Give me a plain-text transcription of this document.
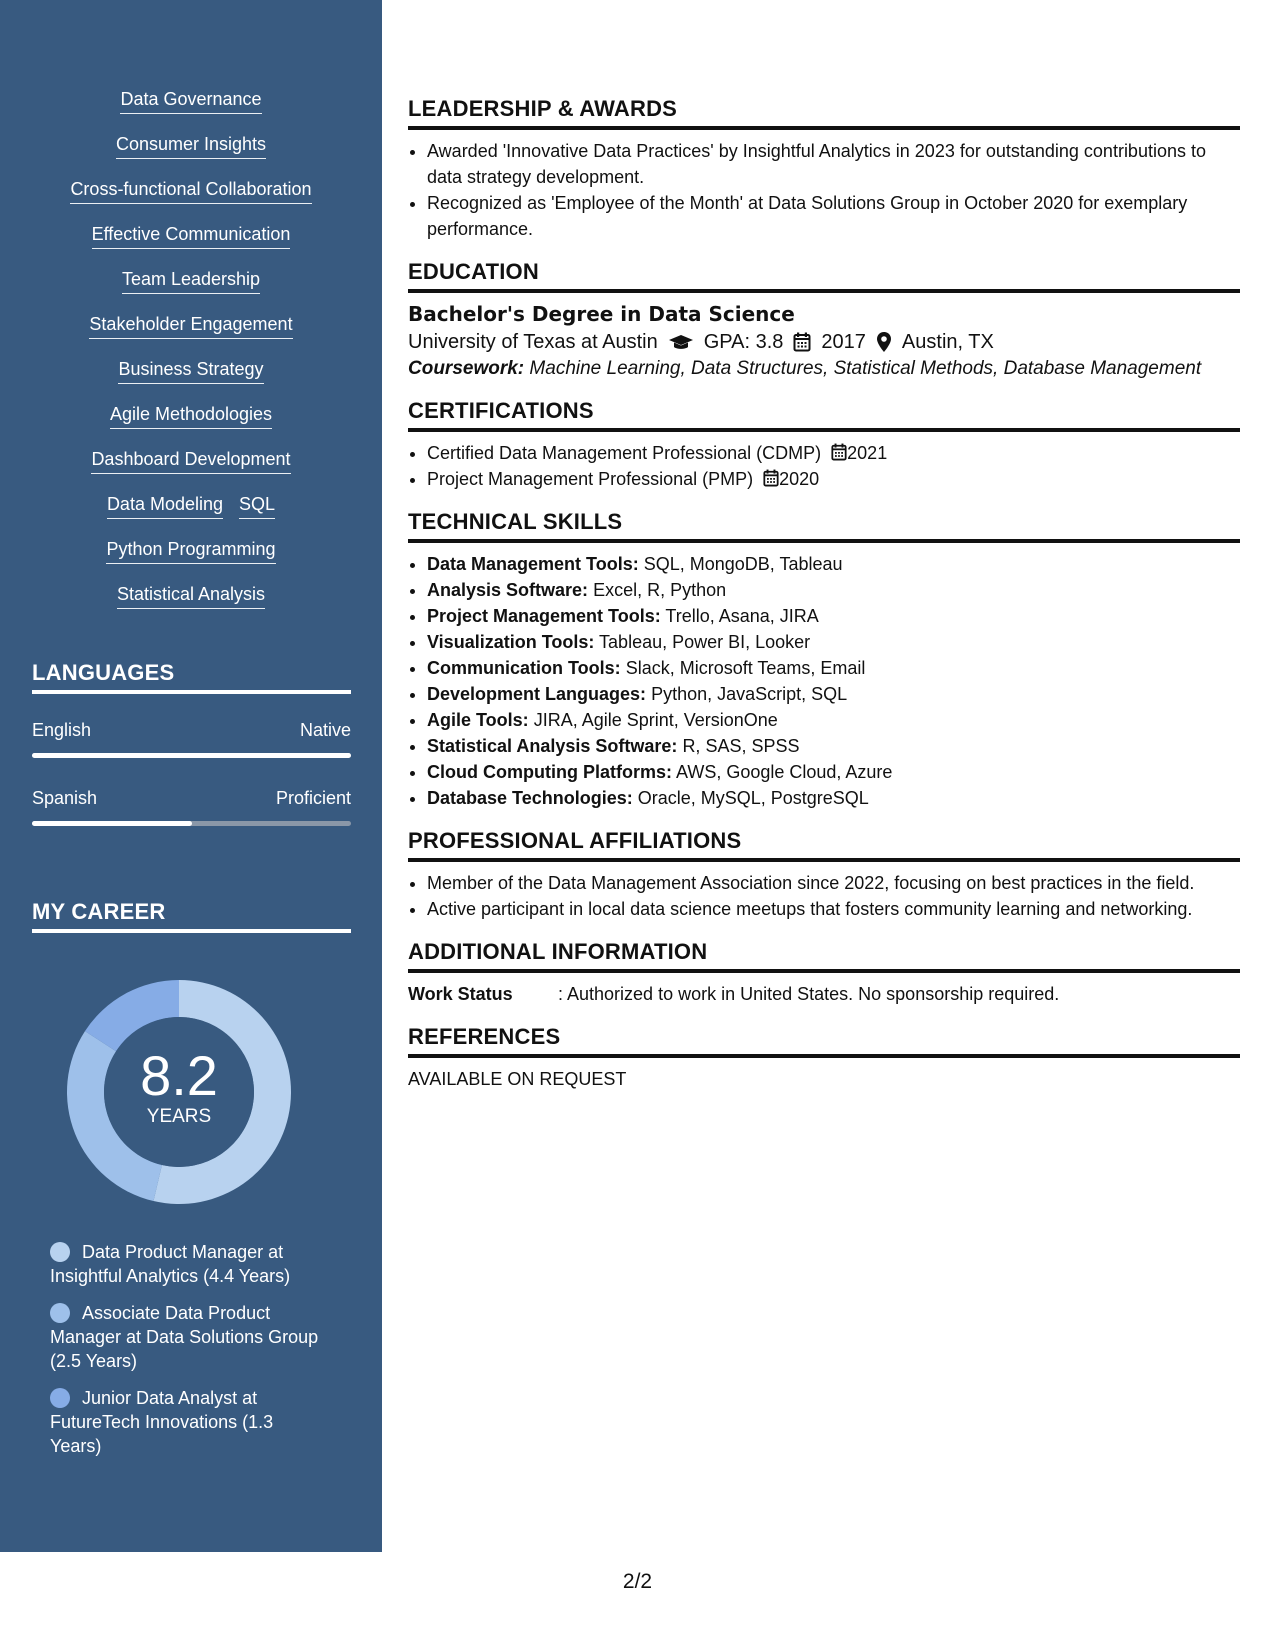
Data Governance
Consumer Insights
Cross-functional Collaboration
Effective Communication
Team Leadership
Stakeholder Engagement
Business Strategy
Agile Methodologies
Dashboard Development
Data Modeling SQL
Python Programming
Statistical Analysis
LANGUAGES
English	Native
Spanish	Proficient
MY CAREER
8.2
YEARS
Data Product Manager at Insightful Analytics (4.4 Years)
Associate Data Product Manager at Data Solutions Group (2.5 Years)
Junior Data Analyst at FutureTech Innovations (1.3 Years)
LEADERSHIP & AWARDS
• Awarded 'Innovative Data Practices' by Insightful Analytics in 2023 for outstanding contributions to data strategy development.
• Recognized as 'Employee of the Month' at Data Solutions Group in October 2020 for exemplary performance.
EDUCATION
Bachelor's Degree in Data Science
University of Texas at Austin GPA: 3.8 2017 Austin, TX
Coursework: Machine Learning, Data Structures, Statistical Methods, Database Management
CERTIFICATIONS
• Certified Data Management Professional (CDMP) 2021
• Project Management Professional (PMP) 2020
TECHNICAL SKILLS
• Data Management Tools: SQL, MongoDB, Tableau
• Analysis Software: Excel, R, Python
• Project Management Tools: Trello, Asana, JIRA
• Visualization Tools: Tableau, Power BI, Looker
• Communication Tools: Slack, Microsoft Teams, Email
• Development Languages: Python, JavaScript, SQL
• Agile Tools: JIRA, Agile Sprint, VersionOne
• Statistical Analysis Software: R, SAS, SPSS
• Cloud Computing Platforms: AWS, Google Cloud, Azure
• Database Technologies: Oracle, MySQL, PostgreSQL
PROFESSIONAL AFFILIATIONS
• Member of the Data Management Association since 2022, focusing on best practices in the field.
• Active participant in local data science meetups that fosters community learning and networking.
ADDITIONAL INFORMATION
Work Status	: Authorized to work in United States. No sponsorship required.
REFERENCES
AVAILABLE ON REQUEST
2/2
